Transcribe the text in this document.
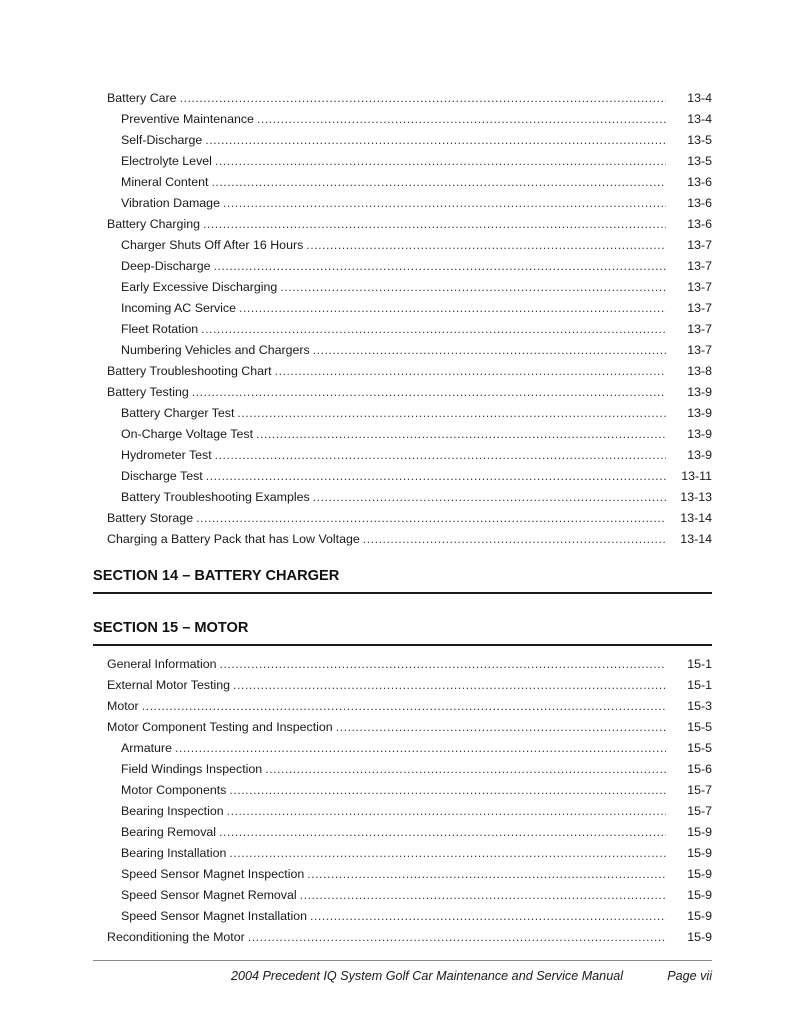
Battery Care .....	13-4
Preventive Maintenance .....	13-4
Self-Discharge .....	13-5
Electrolyte Level .....	13-5
Mineral Content .....	13-6
Vibration Damage .....	13-6
Battery Charging .....	13-6
Charger Shuts Off After 16 Hours .....	13-7
Deep-Discharge .....	13-7
Early Excessive Discharging .....	13-7
Incoming AC Service .....	13-7
Fleet Rotation .....	13-7
Numbering Vehicles and Chargers .....	13-7
Battery Troubleshooting Chart .....	13-8
Battery Testing .....	13-9
Battery Charger Test .....	13-9
On-Charge Voltage Test .....	13-9
Hydrometer Test .....	13-9
Discharge Test .....	13-11
Battery Troubleshooting Examples .....	13-13
Battery Storage .....	13-14
Charging a Battery Pack that has Low Voltage .....	13-14
SECTION 14 – BATTERY CHARGER
SECTION 15 – MOTOR
General Information .....	15-1
External Motor Testing .....	15-1
Motor .....	15-3
Motor Component Testing and Inspection .....	15-5
Armature .....	15-5
Field Windings Inspection .....	15-6
Motor Components .....	15-7
Bearing Inspection .....	15-7
Bearing Removal .....	15-9
Bearing Installation .....	15-9
Speed Sensor Magnet Inspection .....	15-9
Speed Sensor Magnet Removal .....	15-9
Speed Sensor Magnet Installation .....	15-9
Reconditioning the Motor .....	15-9
2004 Precedent IQ System Golf Car Maintenance and Service Manual	Page vii
